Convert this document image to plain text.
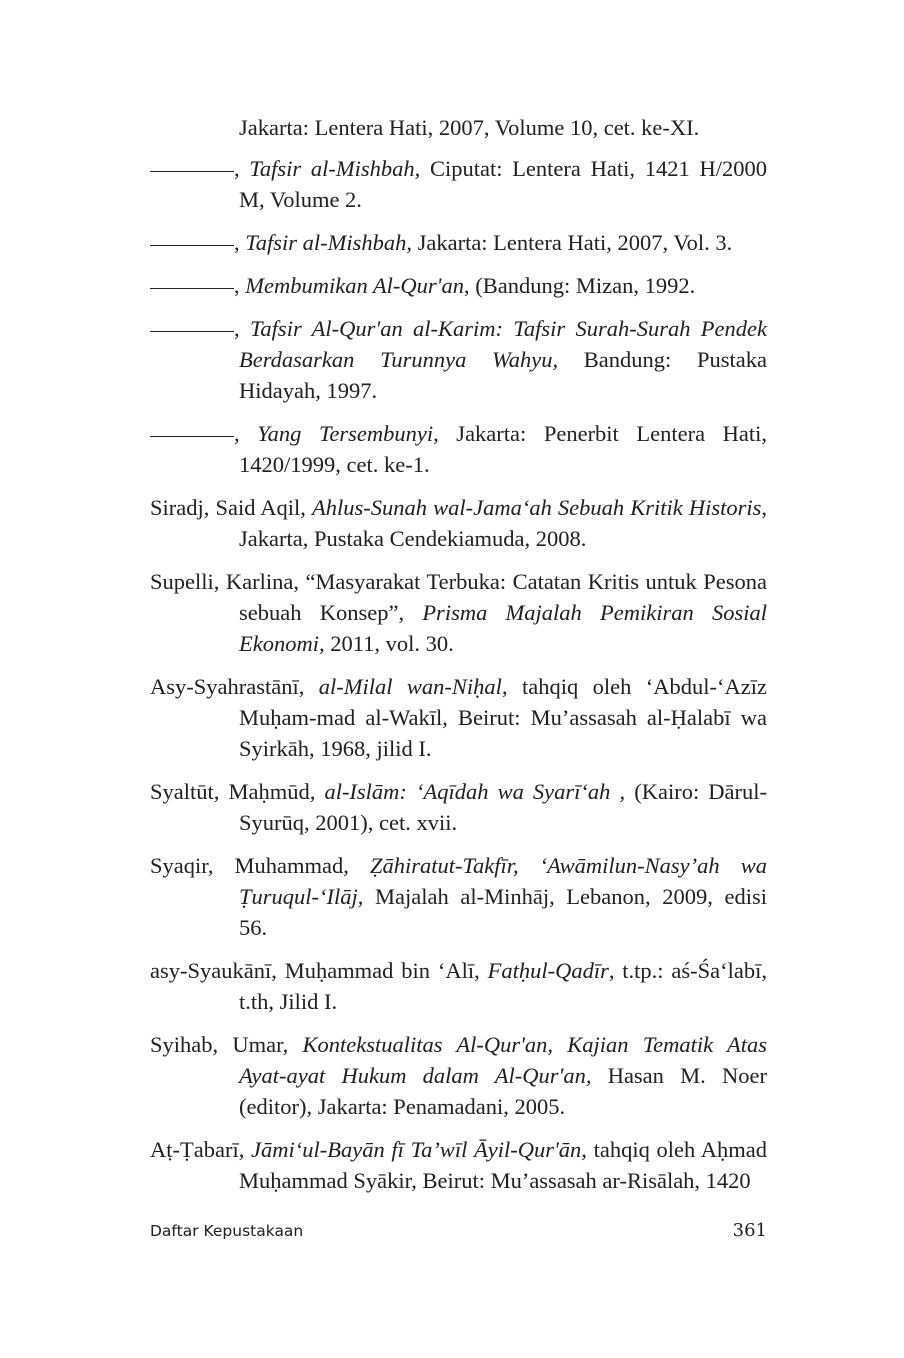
Jakarta: Lentera Hati, 2007, Volume 10, cet. ke-XI.

, Tafsir al-Mishbah, Ciputat: Lentera Hati, 1421 H/2000 M, Volume 2.

, Tafsir al-Mishbah, Jakarta: Lentera Hati, 2007, Vol. 3.

, Membumikan Al-Qur'an, (Bandung: Mizan, 1992.

, Tafsir Al-Qur'an al-Karim: Tafsir Surah-Surah Pendek Berdasarkan Turunnya Wahyu, Bandung: Pustaka Hidayah, 1997.

, Yang Tersembunyi, Jakarta: Penerbit Lentera Hati, 1420/1999, cet. ke-1.

Siradj, Said Aqil, Ahlus-Sunah wal-Jama‘ah Sebuah Kritik Historis, Jakarta, Pustaka Cendekiamuda, 2008.

Supelli, Karlina, “Masyarakat Terbuka: Catatan Kritis untuk Pesona sebuah Konsep”, Prisma Majalah Pemikiran Sosial Ekonomi, 2011, vol. 30.

Asy-Syahrastānī, al-Milal wan-Niḥal, tahqiq oleh ‘Abdul-‘Azīz Muḥam-mad al-Wakīl, Beirut: Mu’assasah al-Ḥalabī wa Syirkāh, 1968, jilid I.

Syaltūt, Maḥmūd, al-Islām: ‘Aqīdah wa Syarī‘ah , (Kairo: Dārul-Syurūq, 2001), cet. xvii.

Syaqir, Muhammad, Ẓāhiratut-Takfīr, ‘Awāmilun-Nasy’ah wa Ṭuruqul-‘Ilāj, Majalah al-Minhāj, Lebanon, 2009, edisi 56.

asy-Syaukānī, Muḥammad bin ‘Alī, Fatḥul-Qadīr, t.tp.: aś-Śa‘labī, t.th, Jilid I.

Syihab, Umar, Kontekstualitas Al-Qur'an, Kajian Tematik Atas Ayat-ayat Hukum dalam Al-Qur'an, Hasan M. Noer (editor), Jakarta: Penamadani, 2005.

Aṭ-Ṭabarī, Jāmi‘ul-Bayān fī Ta’wīl Āyil-Qur'ān, tahqiq oleh Aḥmad Muḥammad Syākir, Beirut: Mu’assasah ar-Risālah, 1420

Daftar Kepustakaan	361
